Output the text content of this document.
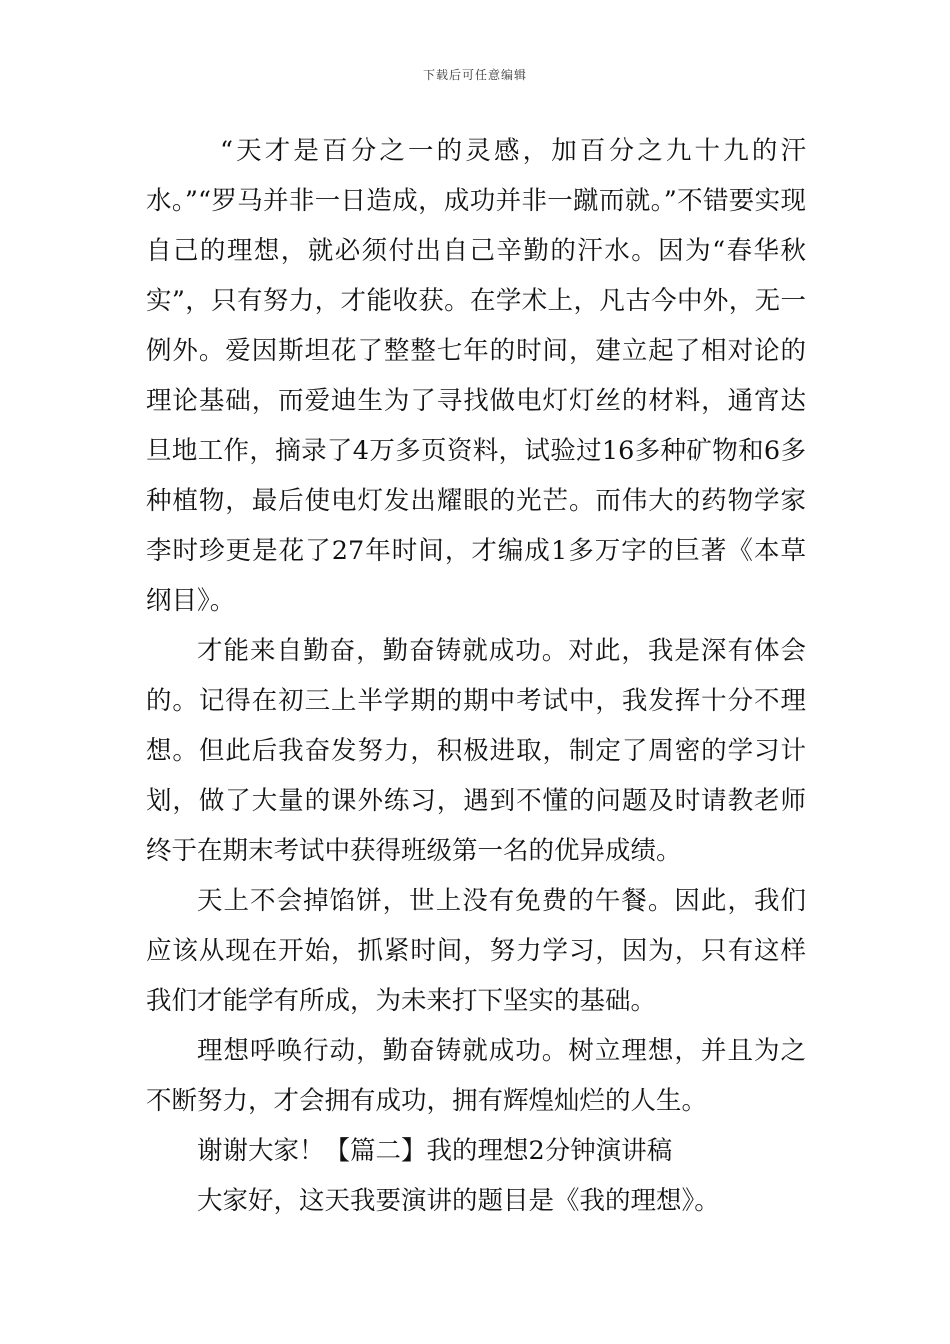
下载后可任意编辑

“天才是百分之一的灵感，加百分之九十九的汗水。”“罗马并非一日造成，成功并非一蹴而就。”不错要实现自己的理想，就必须付出自己辛勤的汗水。因为“春华秋实”，只有努力，才能收获。在学术上，凡古今中外，无一例外。爱因斯坦花了整整七年的时间，建立起了相对论的理论基础，而爱迪生为了寻找做电灯灯丝的材料，通宵达旦地工作，摘录了4万多页资料，试验过16多种矿物和6多种植物，最后使电灯发出耀眼的光芒。而伟大的药物学家李时珍更是花了27年时间，才编成1多万字的巨著《本草纲目》。

才能来自勤奋，勤奋铸就成功。对此，我是深有体会的。记得在初三上半学期的期中考试中，我发挥十分不理想。但此后我奋发努力，积极进取，制定了周密的学习计划，做了大量的课外练习，遇到不懂的问题及时请教老师终于在期末考试中获得班级第一名的优异成绩。

天上不会掉馅饼，世上没有免费的午餐。因此，我们应该从现在开始，抓紧时间，努力学习，因为，只有这样我们才能学有所成，为未来打下坚实的基础。

理想呼唤行动，勤奋铸就成功。树立理想，并且为之不断努力，才会拥有成功，拥有辉煌灿烂的人生。

谢谢大家！【篇二】我的理想2分钟演讲稿

大家好，这天我要演讲的题目是《我的理想》。
